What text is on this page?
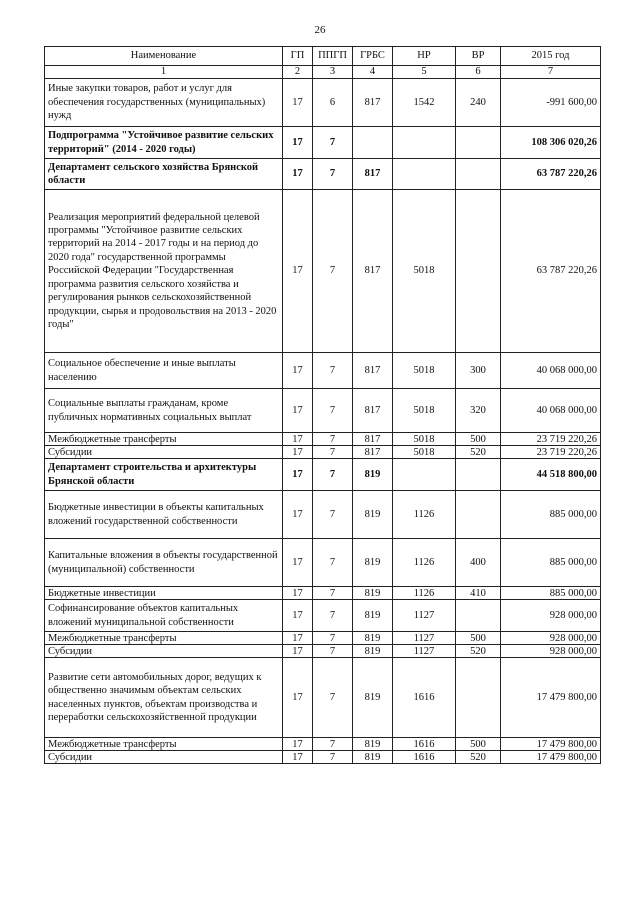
26
Наименование	ГП	ППГП	ГРБС	НР	ВР	2015 год
1	2	3	4	5	6	7
Иные закупки товаров, работ и услуг для обеспечения государственных (муниципальных) нужд	17	6	817	1542	240	-991 600,00
Подпрограмма "Устойчивое развитие сельских территорий" (2014 - 2020 годы)	17	7				108 306 020,26
Департамент сельского хозяйства Брянской области	17	7	817			63 787 220,26
Реализация мероприятий федеральной целевой программы "Устойчивое развитие сельских территорий на 2014 - 2017 годы и на период до 2020 года" государственной программы Российской Федерации "Государственная программа развития сельского хозяйства и регулирования рынков сельскохозяйственной продукции, сырья и продовольствия на 2013 - 2020 годы"	17	7	817	5018		63 787 220,26
Социальное обеспечение и иные выплаты населению	17	7	817	5018	300	40 068 000,00
Социальные выплаты гражданам, кроме публичных нормативных социальных выплат	17	7	817	5018	320	40 068 000,00
Межбюджетные трансферты	17	7	817	5018	500	23 719 220,26
Субсидии	17	7	817	5018	520	23 719 220,26
Департамент строительства и архитектуры Брянской области	17	7	819			44 518 800,00
Бюджетные инвестиции в объекты капитальных вложений государственной собственности	17	7	819	1126		885 000,00
Капитальные вложения в объекты государственной (муниципальной) собственности	17	7	819	1126	400	885 000,00
Бюджетные инвестиции	17	7	819	1126	410	885 000,00
Софинансирование объектов капитальных вложений муниципальной собственности	17	7	819	1127		928 000,00
Межбюджетные трансферты	17	7	819	1127	500	928 000,00
Субсидии	17	7	819	1127	520	928 000,00
Развитие сети автомобильных дорог, ведущих к общественно значимым объектам сельских населенных пунктов, объектам производства и переработки сельскохозяйственной продукции	17	7	819	1616		17 479 800,00
Межбюджетные трансферты	17	7	819	1616	500	17 479 800,00
Субсидии	17	7	819	1616	520	17 479 800,00
